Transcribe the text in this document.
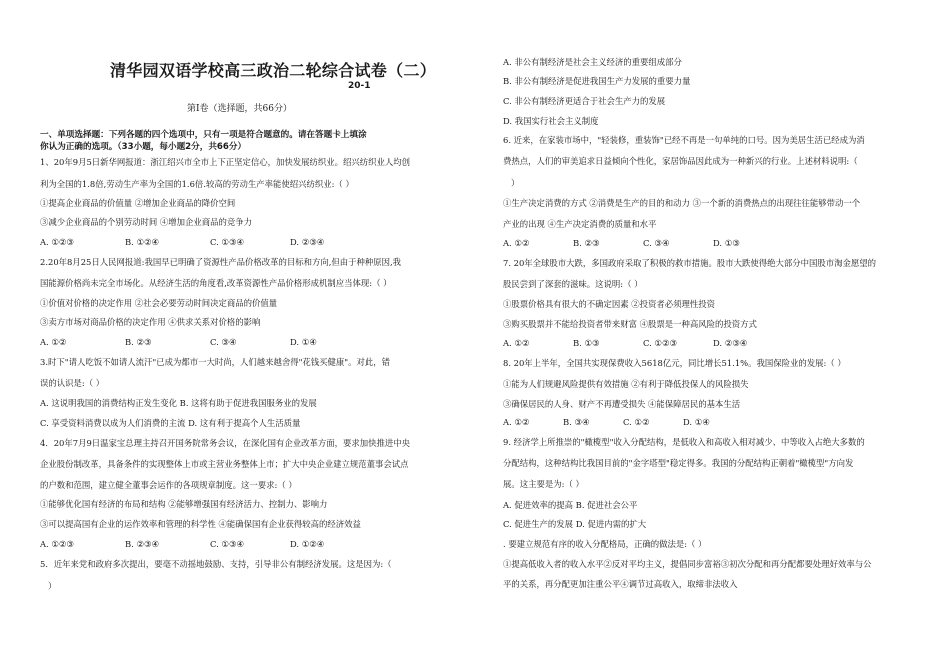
清华园双语学校高三政治二轮综合试卷（二）
20-1
第Ⅰ卷（选择题，共66分）
一、单项选择题：下列各题的四个选项中，只有一项是符合题意的。请在答题卡上填涂
你认为正确的选项。（33小题，每小题2分，共66分）
1、20年9月5日新华网报道：浙江绍兴市全市上下正坚定信心，加快发展纺织业。绍兴纺织业人均创
利为全国的1.8倍,劳动生产率为全国的1.6倍.较高的劳动生产率能使绍兴纺织业:（ ）
①提高企业商品的价值量 ②增加企业商品的降价空间
③减少企业商品的个别劳动时间 ④增加企业商品的竞争力
A. ①②③	B. ①②④	C. ①③④	D. ②③④
2.20年8月25日人民网报道:我国早已明确了资源性产品价格改革的目标和方向,但由于种种原因,我
国能源价格尚未完全市场化。从经济生活的角度看,改革资源性产品价格形成机制应当体现:（ ）
①价值对价格的决定作用 ②社会必要劳动时间决定商品的价值量
③卖方市场对商品价格的决定作用 ④供求关系对价格的影响
A. ①②	B. ②③	C. ③④	D. ①④
3.时下"请人吃饭不如请人流汗"已成为都市一大时尚，人们越来越舍得"花钱买健康"。对此，错
误的认识是:（ ）
A. 这说明我国的消费结构正发生变化 B. 这将有助于促进我国服务业的发展
C. 享受资料消费以成为人们消费的主流 D. 这有利于提高个人生活质量
4．20年7月9日温家宝总理主持召开国务院常务会议，在深化国有企业改革方面，要求加快推进中央
企业股份制改革，具备条件的实现整体上市或主营业务整体上市；扩大中央企业建立规范董事会试点
的户数和范围，建立健全董事会运作的各项规章制度。这一要求:（ ）
①能够优化国有经济的布局和结构 ②能够增强国有经济活力、控制力、影响力
③可以提高国有企业的运作效率和管理的科学性 ④能确保国有企业获得较高的经济效益
A. ①②③	B. ②③④	C. ①③④	D. ①②④
5．近年来党和政府多次提出，要毫不动摇地鼓励、支持，引导非公有制经济发展。这是因为:（
）
A. 非公有制经济是社会主义经济的重要组成部分
B. 非公有制经济是促进我国生产力发展的重要力量
C. 非公有制经济更适合于社会生产力的发展
D. 我国实行社会主义制度
6. 近来，在家装市场中，"轻装修，重装饰"已经不再是一句单纯的口号。因为美居生活已经成为消
费热点，人们的审美追求日益倾向个性化，家居饰品因此成为一种新兴的行业。上述材料说明:（
）
①生产决定消费的方式 ②消费是生产的目的和动力 ③一个新的消费热点的出现往往能够带动一个
产业的出现 ④生产决定消费的质量和水平
A. ①②	B. ②③	C. ③④	D. ①③
7. 20年全球股市大跌，多国政府采取了积极的救市措施。股市大跌使得绝大部分中国股市淘金愿望的
股民尝到了深套的滋味。这说明:（ ）
①股票价格具有很大的不确定因素 ②投资者必须理性投资
③购买股票并不能给投资者带来财富 ④股票是一种高风险的投资方式
A. ①②	B. ①③	C. ①②③	D. ②③④
8. 20年上半年，全国共实现保费收入5618亿元，同比增长51.1%。我国保险业的发展:（ ）
①能为人们规避风险提供有效措施 ②有利于降低投保人的风险损失
③确保居民的人身、财产不再遭受损失 ④能保障居民的基本生活
A. ①②	B. ③④	C. ①②	D. ①④
9. 经济学上所推崇的"橄榄型"收入分配结构，是低收入和高收入相对减少、中等收入占绝大多数的
分配结构，这种结构比我国目前的"金字塔型"稳定得多。我国的分配结构正朝着"橄榄型"方向发
展。这主要是为:（ ）
A. 促进效率的提高 B. 促进社会公平
C. 促进生产的发展 D. 促进内需的扩大
. 要建立规范有序的收入分配格局，正确的做法是:（ ）
①提高低收入者的收入水平②反对平均主义，提倡同步富裕③初次分配和再分配都要处理好效率与公
平的关系，再分配更加注重公平④调节过高收入，取缔非法收入
